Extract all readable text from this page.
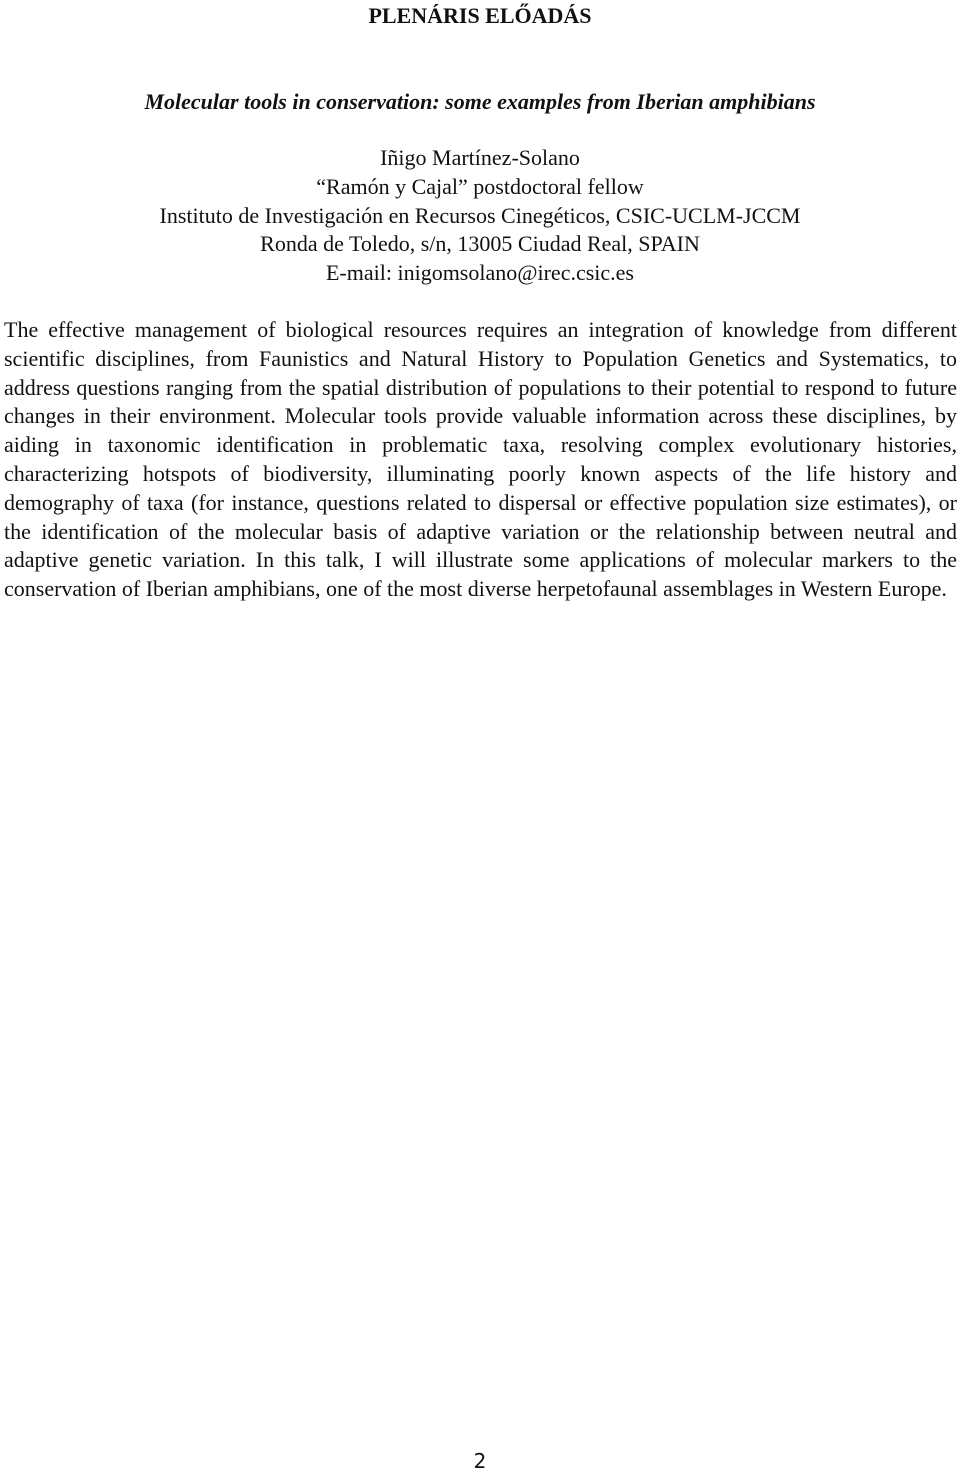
PLENÁRIS ELŐADÁS
Molecular tools in conservation: some examples from Iberian amphibians
Iñigo Martínez-Solano
“Ramón y Cajal” postdoctoral fellow
Instituto de Investigación en Recursos Cinegéticos, CSIC-UCLM-JCCM
Ronda de Toledo, s/n, 13005 Ciudad Real, SPAIN
E-mail: inigomsolano@irec.csic.es

The effective management of biological resources requires an integration of knowledge from different scientific disciplines, from Faunistics and Natural History to Population Genetics and Systematics, to address questions ranging from the spatial distribution of populations to their potential to respond to future changes in their environment. Molecular tools provide valuable information across these disciplines, by aiding in taxonomic identification in problematic taxa, resolving complex evolutionary histories, characterizing hotspots of biodiversity, illuminating poorly known aspects of the life history and demography of taxa (for instance, questions related to dispersal or effective population size estimates), or the identification of the molecular basis of adaptive variation or the relationship between neutral and adaptive genetic variation. In this talk, I will illustrate some applications of molecular markers to the conservation of Iberian amphibians, one of the most diverse herpetofaunal assemblages in Western Europe.

2
